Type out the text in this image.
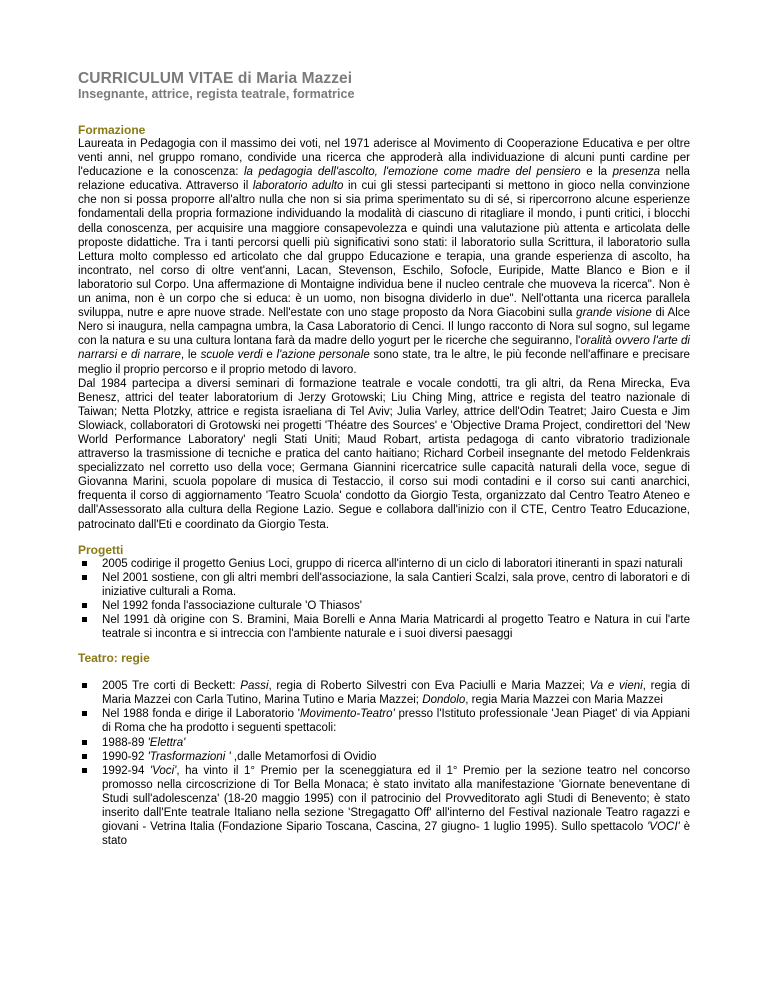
CURRICULUM VITAE di Maria Mazzei
Insegnante, attrice, regista teatrale, formatrice
Formazione

Laureata in Pedagogia con il massimo dei voti, nel 1971 aderisce al Movimento di Cooperazione Educativa e per oltre venti anni, nel gruppo romano, condivide una ricerca che approderà alla individuazione di alcuni punti cardine per l'educazione e la conoscenza: la pedagogia dell'ascolto, l'emozione come madre del pensiero e la presenza nella relazione educativa. Attraverso il laboratorio adulto in cui gli stessi partecipanti si mettono in gioco nella convinzione che non si possa proporre all'altro nulla che non si sia prima sperimentato su di sé, si ripercorrono alcune esperienze fondamentali della propria formazione individuando la modalità di ciascuno di ritagliare il mondo, i punti critici, i blocchi della conoscenza, per acquisire una maggiore consapevolezza e quindi una valutazione più attenta e articolata delle proposte didattiche. Tra i tanti percorsi quelli più significativi sono stati: il laboratorio sulla Scrittura, il laboratorio sulla Lettura molto complesso ed articolato che dal gruppo Educazione e terapia, una grande esperienza di ascolto, ha incontrato, nel corso di oltre vent'anni, Lacan, Stevenson, Eschilo, Sofocle, Euripide, Matte Blanco e Bion e il laboratorio sul Corpo. Una affermazione di Montaigne individua bene il nucleo centrale che muoveva la ricerca". Non è un anima, non è un corpo che si educa: è un uomo, non bisogna dividerlo in due". Nell'ottanta una ricerca parallela sviluppa, nutre e apre nuove strade. Nell'estate con uno stage proposto da Nora Giacobini sulla grande visione di Alce Nero si inaugura, nella campagna umbra, la Casa Laboratorio di Cenci. Il lungo racconto di Nora sul sogno, sul legame con la natura e su una cultura lontana farà da madre dello yogurt per le ricerche che seguiranno, l'oralità ovvero l'arte di narrarsi e di narrare, le scuole verdi e l'azione personale sono state, tra le altre, le più feconde nell'affinare e precisare meglio il proprio percorso e il proprio metodo di lavoro.

Dal 1984 partecipa a diversi seminari di formazione teatrale e vocale condotti, tra gli altri, da Rena Mirecka, Eva Benesz, attrici del teater laboratorium di Jerzy Grotowski; Liu Ching Ming, attrice e regista del teatro nazionale di Taiwan; Netta Plotzky, attrice e regista israeliana di Tel Aviv; Julia Varley, attrice dell'Odin Teatret; Jairo Cuesta e Jim Slowiack, collaboratori di Grotowski nei progetti 'Théatre des Sources' e 'Objective Drama Project, condirettori del 'New World Performance Laboratory' negli Stati Uniti; Maud Robart, artista pedagoga di canto vibratorio tradizionale attraverso la trasmissione di tecniche e pratica del canto haitiano; Richard Corbeil insegnante del metodo Feldenkrais specializzato nel corretto uso della voce; Germana Giannini ricercatrice sulle capacità naturali della voce, segue di Giovanna Marini, scuola popolare di musica di Testaccio, il corso sui modi contadini e il corso sui canti anarchici, frequenta il corso di aggiornamento 'Teatro Scuola' condotto da Giorgio Testa, organizzato dal Centro Teatro Ateneo e dall'Assessorato alla cultura della Regione Lazio. Segue e collabora dall'inizio con il CTE, Centro Teatro Educazione, patrocinato dall'Eti e coordinato da Giorgio Testa.

Progetti
2005 codirige il progetto Genius Loci, gruppo di ricerca all'interno di un ciclo di laboratori itineranti in spazi naturali
Nel 2001 sostiene, con gli altri membri dell'associazione, la sala Cantieri Scalzi, sala prove, centro di laboratori e di iniziative culturali a Roma.
Nel 1992 fonda l'associazione culturale 'O Thiasos'
Nel 1991 dà origine con S. Bramini, Maia Borelli e Anna Maria Matricardi al progetto Teatro e Natura in cui l'arte teatrale si incontra e si intreccia con l'ambiente naturale e i suoi diversi paesaggi
Teatro: regie
2005 Tre corti di Beckett: Passi, regia di Roberto Silvestri con Eva Paciulli e Maria Mazzei; Va e vieni, regia di Maria Mazzei con Carla Tutino, Marina Tutino e Maria Mazzei; Dondolo, regia Maria Mazzei con Maria Mazzei
Nel 1988 fonda e dirige il Laboratorio 'Movimento-Teatro' presso l'Istituto professionale 'Jean Piaget' di via Appiani di Roma che ha prodotto i seguenti spettacoli:
1988-89 'Elettra'
1990-92 'Trasformazioni ' ,dalle Metamorfosi di Ovidio
1992-94 'Voci', ha vinto il 1° Premio per la sceneggiatura ed il 1° Premio per la sezione teatro nel concorso promosso nella circoscrizione di Tor Bella Monaca; è stato invitato alla manifestazione 'Giornate beneventane di Studi sull'adolescenza' (18-20 maggio 1995) con il patrocinio del Provveditorato agli Studi di Benevento; è stato inserito dall'Ente teatrale Italiano nella sezione 'Stregagatto Off' all'interno del Festival nazionale Teatro ragazzi e giovani - Vetrina Italia (Fondazione Sipario Toscana, Cascina, 27 giugno- 1 luglio 1995). Sullo spettacolo 'VOCI' è stato
